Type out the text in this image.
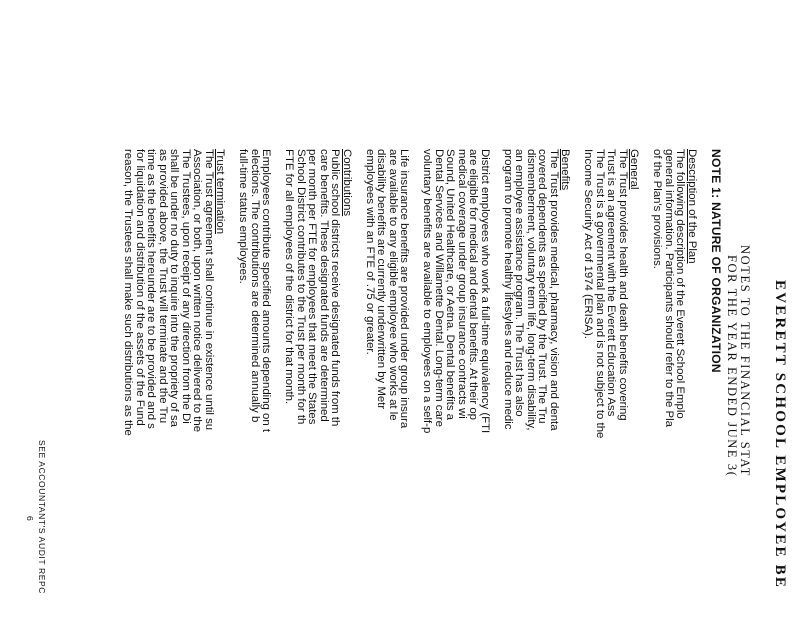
EVERETT SCHOOL EMPLOYEE BE
NOTES TO THE FINANCIAL STAT
FOR THE YEAR ENDED JUNE 3(
NOTE 1: NATURE OF ORGANIZATION
Description of the Plan
The following description of the Everett School Emplo
general information. Participants should refer to the Pla
of the Plan's provisions.
General
The Trust provides health and death benefits covering
Trust is an agreement with the Everett Education Ass
The Trust is a governmental plan and is not subject to the
Income Security Act of 1974 (ERISA).
Benefits
The Trust provides medical, pharmacy, vision and denta
covered dependents as specified by the Trust. The Tru
dismemberment, voluntary term life, long-term disability,
an employee assistance program. The Trust has also
program to promote healthy lifestyles and reduce medic
District employees who work a full-time equivalency (FTI
are eligible for medical and dental benefits. At their op
medical coverage under group insurance contracts wi
Sound, United Healthcare, or Aetna. Dental benefits a
Dental Services and Willamette Dental. Long-term care
voluntary benefits are available to employees on a self-p
Life insurance benefits are provided under group insura
are available to any eligible employee who works at le
disability benefits are currently underwritten by Metr
employees with an FTE of .75 or greater.
Contributions
Public school districts receive designated funds from th
care benefits. These designated funds are determined
per month per FTE for employees that meet the States
School District contributes to the Trust per month for th
FTE for all employees of the district for that month.
Employees contribute specified amounts depending on t
elections. The contributions are determined annually b
full-time status employees.
Trust termination
The Trust agreement shall continue in existence until su
Association, or both, upon written notice delivered to the
The Trustees, upon receipt of any direction from the Di
shall be under no duty to inquire into the propriety of sa
as provided above, the Trust will terminate and the Tru
time as the benefits hereunder are to be provided and s
for liquidation and distribution of the assets of the Fund
reason, the Trustees shall make such distributions as the
SEE ACCOUNTANT'S AUDIT REPC
6
